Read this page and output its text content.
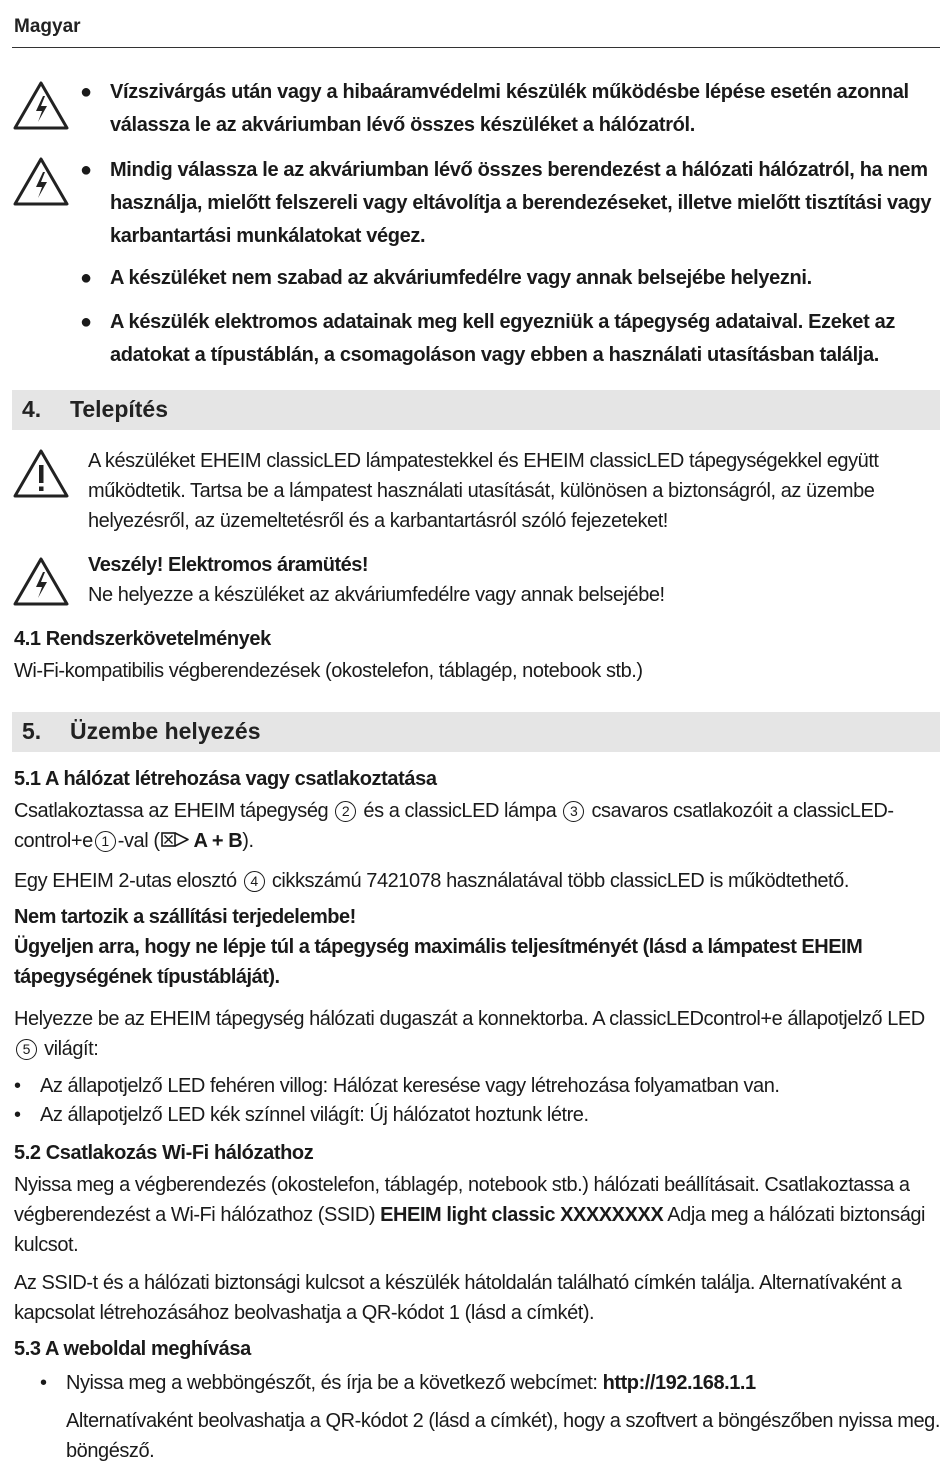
Magyar
● Vízszivárgás után vagy a hibaáramvédelmi készülék működésbe lépése esetén azonnal válassza le az akváriumban lévő összes készüléket a hálózatról.
● Mindig válassza le az akváriumban lévő összes berendezést a hálózati hálózatról, ha nem használja, mielőtt felszereli vagy eltávolítja a berendezéseket, illetve mielőtt tisztítási vagy karbantartási munkálatokat végez.
● A készüléket nem szabad az akváriumfedélre vagy annak belsejébe helyezni.
● A készülék elektromos adatainak meg kell egyezniük a tápegység adataival. Ezeket az adatokat a típustáblán, a csomagoláson vagy ebben a használati utasításban találja.
4. Telepítés
A készüléket EHEIM classicLED lámpatestekkel és EHEIM classicLED tápegységekkel együtt működtetik. Tartsa be a lámpatest használati utasítását, különösen a biztonságról, az üzembe helyezésről, az üzemeltetésről és a karbantartásról szóló fejezeteket!
Veszély! Elektromos áramütés!
Ne helyezze a készüléket az akváriumfedélre vagy annak belsejébe!
4.1 Rendszerkövetelmények
Wi-Fi-kompatibilis végberendezések (okostelefon, táblagép, notebook stb.)
5. Üzembe helyezés
5.1 A hálózat létrehozása vagy csatlakoztatása
Csatlakoztassa az EHEIM tápegység 2 és a classicLED lámpa 3 csavaros csatlakozóit a classicLED-control+e 1 -val ( A + B).
Egy EHEIM 2-utas elosztó 4 cikkszámú 7421078 használatával több classicLED is működtethető.
Nem tartozik a szállítási terjedelembe!
Ügyeljen arra, hogy ne lépje túl a tápegység maximális teljesítményét (lásd a lámpatest EHEIM tápegységének típustábláját).
Helyezze be az EHEIM tápegység hálózati dugaszát a konnektorba. A classicLEDcontrol+e állapotjelző LED 5 világít:
• Az állapotjelző LED fehéren villog: Hálózat keresése vagy létrehozása folyamatban van.
• Az állapotjelző LED kék színnel világít: Új hálózatot hoztunk létre.
5.2 Csatlakozás Wi-Fi hálózathoz
Nyissa meg a végberendezés (okostelefon, táblagép, notebook stb.) hálózati beállításait. Csatlakoztassa a végberendezést a Wi-Fi hálózathoz (SSID) EHEIM light classic XXXXXXXX Adja meg a hálózati biztonsági kulcsot.
Az SSID-t és a hálózati biztonsági kulcsot a készülék hátoldalán található címkén találja. Alternatívaként a kapcsolat létrehozásához beolvashatja a QR-kódot 1 (lásd a címkét).
5.3 A weboldal meghívása
• Nyissa meg a webböngészőt, és írja be a következő webcímet: http://192.168.1.1
Alternatívaként beolvashatja a QR-kódot 2 (lásd a címkét), hogy a szoftvert a böngészőben nyissa meg. böngésző.
